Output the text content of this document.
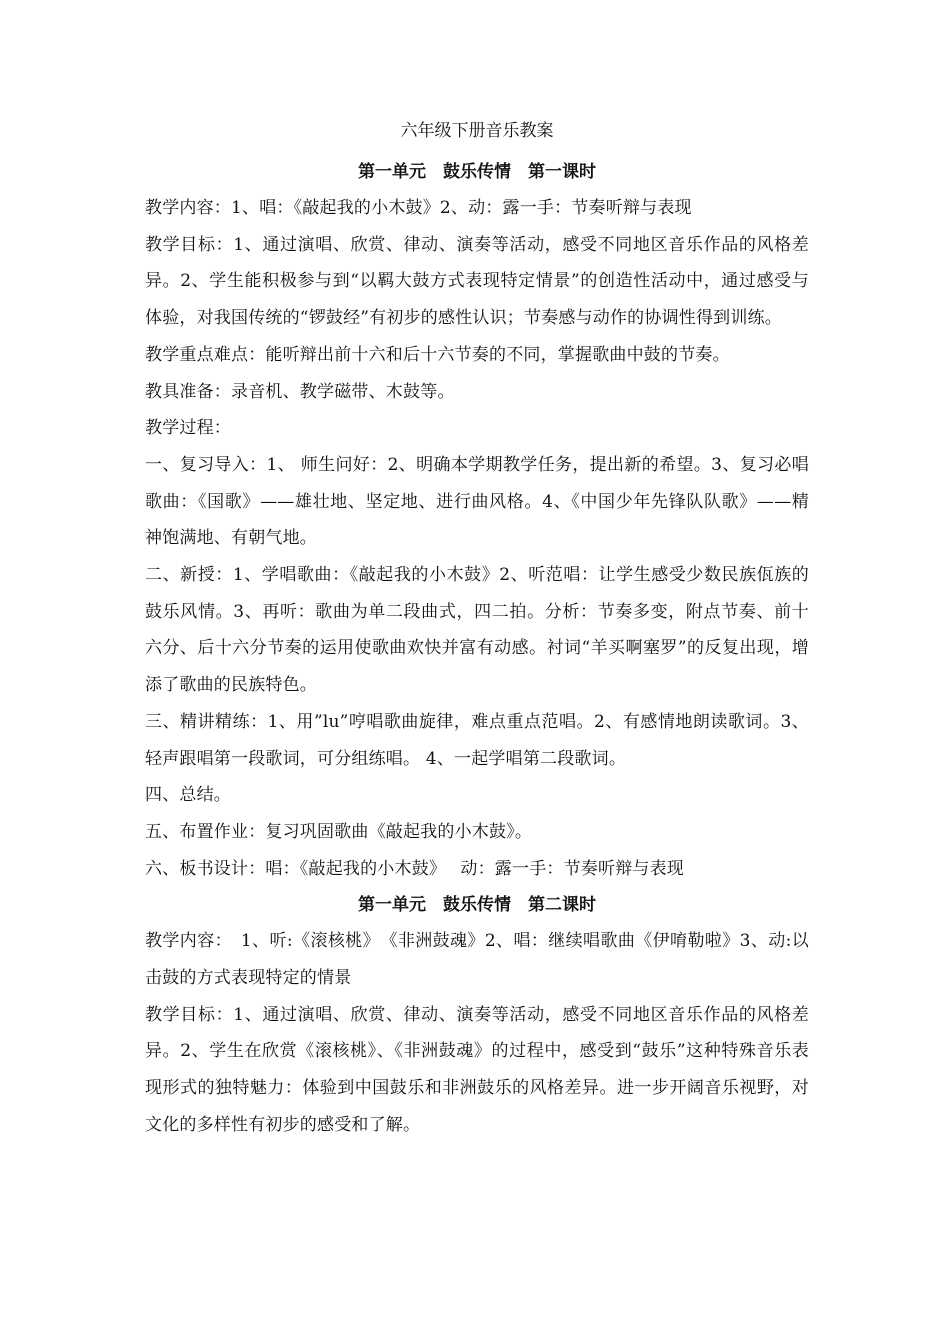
六年级下册音乐教案
第一单元　鼓乐传情　第一课时

教学内容：1、唱：《敲起我的小木鼓》2、动：露一手：节奏听辩与表现

教学目标：1、通过演唱、欣赏、律动、演奏等活动，感受不同地区音乐作品的风格差异。2、学生能积极参与到“以羁大鼓方式表现特定情景”的创造性活动中，通过感受与体验，对我国传统的“锣鼓经”有初步的感性认识；节奏感与动作的协调性得到训练。

教学重点难点：能听辩出前十六和后十六节奏的不同，掌握歌曲中鼓的节奏。

教具准备：录音机、教学磁带、木鼓等。

教学过程：

一、复习导入：1、 师生问好：2、明确本学期教学任务，提出新的希望。3、复习必唱歌曲：《国歌》——雄壮地、坚定地、进行曲风格。4、《中国少年先锋队队歌》——精神饱满地、有朝气地。

二、新授：1、学唱歌曲：《敲起我的小木鼓》2、听范唱：让学生感受少数民族佤族的鼓乐风情。3、再听：歌曲为单二段曲式，四二拍。分析：节奏多变，附点节奏、前十六分、后十六分节奏的运用使歌曲欢快并富有动感。衬词“羊买啊塞罗”的反复出现，增添了歌曲的民族特色。

三、精讲精练：1、用”lu”哼唱歌曲旋律，难点重点范唱。2、有感情地朗读歌词。3、轻声跟唱第一段歌词，可分组练唱。 4、一起学唱第二段歌词。

四、总结。

五、布置作业：复习巩固歌曲《敲起我的小木鼓》。

六、板书设计：唱：《敲起我的小木鼓》　 动：露一手：节奏听辩与表现

第一单元　鼓乐传情　第二课时

教学内容：　1、听:《滚核桃》　《非洲鼓魂》2、唱：继续唱歌曲《伊唷勒啦》3、动:以击鼓的方式表现特定的情景

教学目标：1、通过演唱、欣赏、律动、演奏等活动，感受不同地区音乐作品的风格差异。2、学生在欣赏《滚核桃》、《非洲鼓魂》的过程中，感受到“鼓乐”这种特殊音乐表现形式的独特魅力：体验到中国鼓乐和非洲鼓乐的风格差异。进一步开阔音乐视野，对文化的多样性有初步的感受和了解。
